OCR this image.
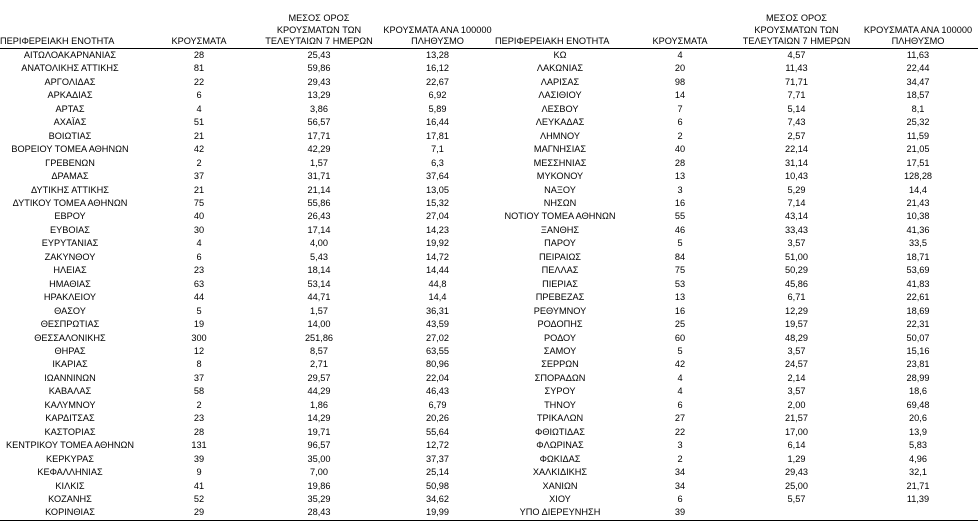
ΠΕΡΙΦΕΡΕΙΑΚΗ ΕΝΟΤΗΤΑ	ΚΡΟΥΣΜΑΤΑ	ΜΕΣΟΣ ΟΡΟΣ
ΚΡΟΥΣΜΑΤΩΝ ΤΩΝ
ΤΕΛΕΥΤΑΙΩΝ 7 ΗΜΕΡΩΝ	ΚΡΟΥΣΜΑΤΑ ΑΝΑ 100000
ΠΛΗΘΥΣΜΟ
ΑΙΤΩΛΟΑΚΑΡΝΑΝΙΑΣ	28	25,43	13,28
ΑΝΑΤΟΛΙΚΗΣ ΑΤΤΙΚΗΣ	81	59,86	16,12
ΑΡΓΟΛΙΔΑΣ	22	29,43	22,67
ΑΡΚΑΔΙΑΣ	6	13,29	6,92
ΑΡΤΑΣ	4	3,86	5,89
ΑΧΑΪΑΣ	51	56,57	16,44
ΒΟΙΩΤΙΑΣ	21	17,71	17,81
ΒΟΡΕΙΟΥ ΤΟΜΕΑ ΑΘΗΝΩΝ	42	42,29	7,1
ΓΡΕΒΕΝΩΝ	2	1,57	6,3
ΔΡΑΜΑΣ	37	31,71	37,64
ΔΥΤΙΚΗΣ ΑΤΤΙΚΗΣ	21	21,14	13,05
ΔΥΤΙΚΟΥ ΤΟΜΕΑ ΑΘΗΝΩΝ	75	55,86	15,32
ΕΒΡΟΥ	40	26,43	27,04
ΕΥΒΟΙΑΣ	30	17,14	14,23
ΕΥΡΥΤΑΝΙΑΣ	4	4,00	19,92
ΖΑΚΥΝΘΟΥ	6	5,43	14,72
ΗΛΕΙΑΣ	23	18,14	14,44
ΗΜΑΘΙΑΣ	63	53,14	44,8
ΗΡΑΚΛΕΙΟΥ	44	44,71	14,4
ΘΑΣΟΥ	5	1,57	36,31
ΘΕΣΠΡΩΤΙΑΣ	19	14,00	43,59
ΘΕΣΣΑΛΟΝΙΚΗΣ	300	251,86	27,02
ΘΗΡΑΣ	12	8,57	63,55
ΙΚΑΡΙΑΣ	8	2,71	80,96
ΙΩΑΝΝΙΝΩΝ	37	29,57	22,04
ΚΑΒΑΛΑΣ	58	44,29	46,43
ΚΑΛΥΜΝΟΥ	2	1,86	6,79
ΚΑΡΔΙΤΣΑΣ	23	14,29	20,26
ΚΑΣΤΟΡΙΑΣ	28	19,71	55,64
ΚΕΝΤΡΙΚΟΥ ΤΟΜΕΑ ΑΘΗΝΩΝ	131	96,57	12,72
ΚΕΡΚΥΡΑΣ	39	35,00	37,37
ΚΕΦΑΛΛΗΝΙΑΣ	9	7,00	25,14
ΚΙΛΚΙΣ	41	19,86	50,98
ΚΟΖΑΝΗΣ	52	35,29	34,62
ΚΟΡΙΝΘΙΑΣ	29	28,43	19,99
ΠΕΡΙΦΕΡΕΙΑΚΗ ΕΝΟΤΗΤΑ	ΚΡΟΥΣΜΑΤΑ	ΜΕΣΟΣ ΟΡΟΣ
ΚΡΟΥΣΜΑΤΩΝ ΤΩΝ
ΤΕΛΕΥΤΑΙΩΝ 7 ΗΜΕΡΩΝ	ΚΡΟΥΣΜΑΤΑ ΑΝΑ 100000
ΠΛΗΘΥΣΜΟ
ΚΩ	4	4,57	11,63
ΛΑΚΩΝΙΑΣ	20	11,43	22,44
ΛΑΡΙΣΑΣ	98	71,71	34,47
ΛΑΣΙΘΙΟΥ	14	7,71	18,57
ΛΕΣΒΟΥ	7	5,14	8,1
ΛΕΥΚΑΔΑΣ	6	7,43	25,32
ΛΗΜΝΟΥ	2	2,57	11,59
ΜΑΓΝΗΣΙΑΣ	40	22,14	21,05
ΜΕΣΣΗΝΙΑΣ	28	31,14	17,51
ΜΥΚΟΝΟΥ	13	10,43	128,28
ΝΑΞΟΥ	3	5,29	14,4
ΝΗΣΩΝ	16	7,14	21,43
ΝΟΤΙΟΥ ΤΟΜΕΑ ΑΘΗΝΩΝ	55	43,14	10,38
ΞΑΝΘΗΣ	46	33,43	41,36
ΠΑΡΟΥ	5	3,57	33,5
ΠΕΙΡΑΙΩΣ	84	51,00	18,71
ΠΕΛΛΑΣ	75	50,29	53,69
ΠΙΕΡΙΑΣ	53	45,86	41,83
ΠΡΕΒΕΖΑΣ	13	6,71	22,61
ΡΕΘΥΜΝΟΥ	16	12,29	18,69
ΡΟΔΟΠΗΣ	25	19,57	22,31
ΡΟΔΟΥ	60	48,29	50,07
ΣΑΜΟΥ	5	3,57	15,16
ΣΕΡΡΩΝ	42	24,57	23,81
ΣΠΟΡΑΔΩΝ	4	2,14	28,99
ΣΥΡΟΥ	4	3,57	18,6
ΤΗΝΟΥ	6	2,00	69,48
ΤΡΙΚΑΛΩΝ	27	21,57	20,6
ΦΘΙΩΤΙΔΑΣ	22	17,00	13,9
ΦΛΩΡΙΝΑΣ	3	6,14	5,83
ΦΩΚΙΔΑΣ	2	1,29	4,96
ΧΑΛΚΙΔΙΚΗΣ	34	29,43	32,1
ΧΑΝΙΩΝ	34	25,00	21,71
ΧΙΟΥ	6	5,57	11,39
ΥΠΟ ΔΙΕΡΕΥΝΗΣΗ	39		
